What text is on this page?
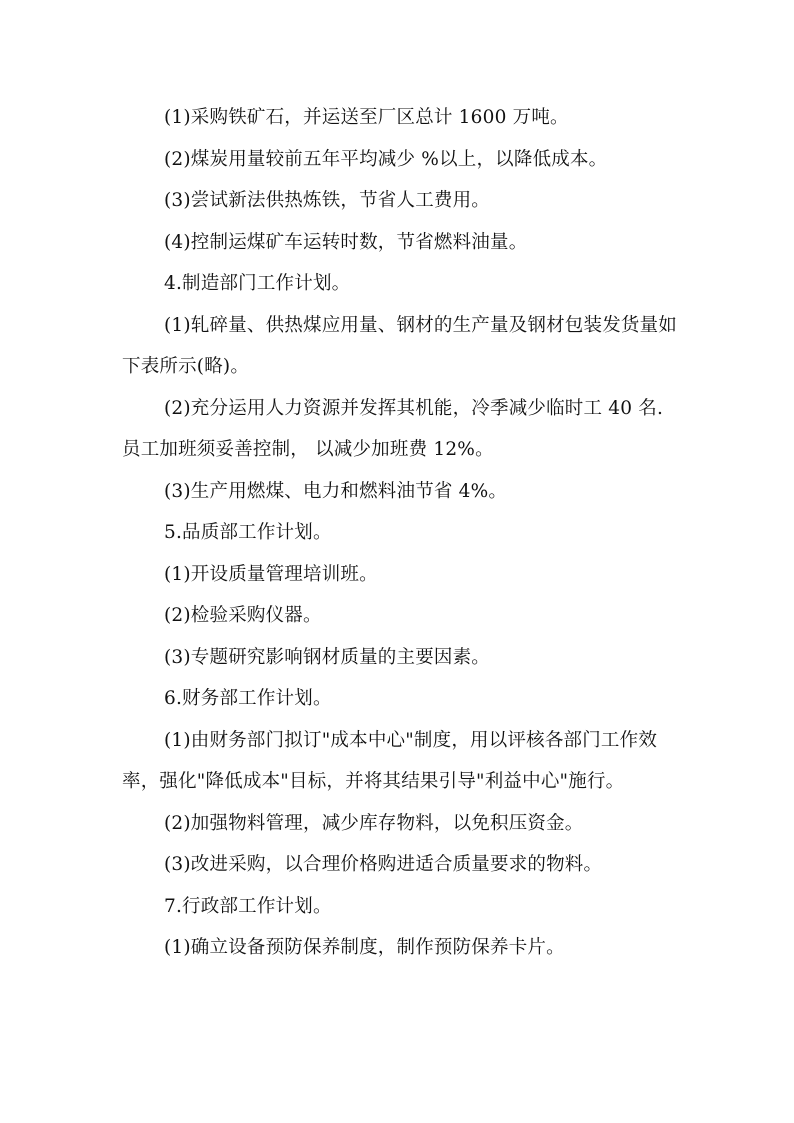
(1)采购铁矿石，并运送至厂区总计 1600 万吨。

(2)煤炭用量较前五年平均减少 %以上，以降低成本。

(3)尝试新法供热炼铁，节省人工费用。

(4)控制运煤矿车运转时数，节省燃料油量。

4.制造部门工作计划。

(1)轧碎量、供热煤应用量、钢材的生产量及钢材包装发货量如下表所示(略)。

(2)充分运用人力资源并发挥其机能，冷季减少临时工 40 名.员工加班须妥善控制， 以减少加班费 12%。

(3)生产用燃煤、电力和燃料油节省 4%。

5.品质部工作计划。

(1)开设质量管理培训班。

(2)检验采购仪器。

(3)专题研究影响钢材质量的主要因素。

6.财务部工作计划。

(1)由财务部门拟订"成本中心"制度，用以评核各部门工作效率，强化"降低成本"目标，并将其结果引导"利益中心"施行。

(2)加强物料管理，减少库存物料，以免积压资金。

(3)改进采购，以合理价格购进适合质量要求的物料。

7.行政部工作计划。

(1)确立设备预防保养制度，制作预防保养卡片。
